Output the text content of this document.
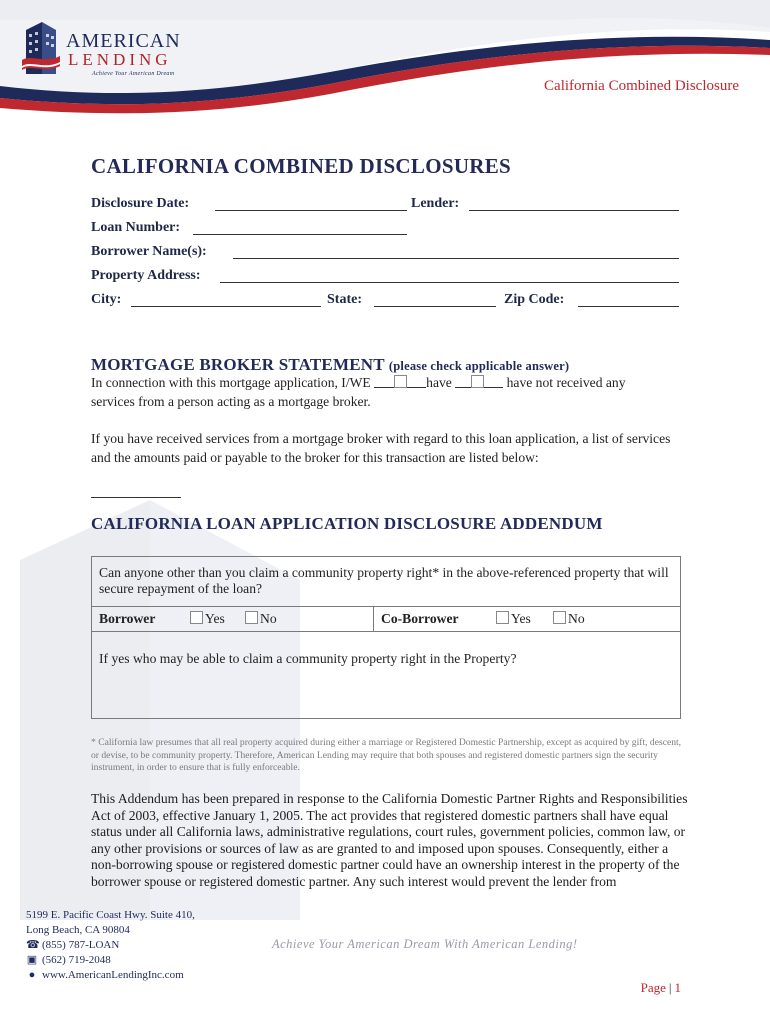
AMERICAN
LENDING
Achieve Your American Dream
California Combined Disclosure
CALIFORNIA COMBINED DISCLOSURES
Disclosure Date:	Lender:
Loan Number:
Borrower Name(s):
Property Address:
City:	State:	Zip Code:
MORTGAGE BROKER STATEMENT (please check applicable answer)
In connection with this mortgage application, I/WE	have	have not received any
services from a person acting as a mortgage broker.
If you have received services from a mortgage broker with regard to this loan application, a list of services and the amounts paid or payable to the broker for this transaction are listed below:
CALIFORNIA LOAN APPLICATION DISCLOSURE ADDENDUM
Can anyone other than you claim a community property right* in the above-referenced property that will secure repayment of the loan?
Borrower	Yes	No	Co-Borrower	Yes	No
If yes who may be able to claim a community property right in the Property?
* California law presumes that all real property acquired during either a marriage or Registered Domestic Partnership, except as acquired by gift, descent, or devise, to be community property. Therefore, American Lending may require that both spouses and registered domestic partners sign the security instrument, in order to ensure that is fully enforceable.
This Addendum has been prepared in response to the California Domestic Partner Rights and Responsibilities Act of 2003, effective January 1, 2005. The act provides that registered domestic partners shall have equal status under all California laws, administrative regulations, court rules, government policies, common law, or any other provisions or sources of law as are granted to and imposed upon spouses. Consequently, either a non-borrowing spouse or registered domestic partner could have an ownership interest in the property of the borrower spouse or registered domestic partner. Any such interest would prevent the lender from
5199 E. Pacific Coast Hwy. Suite 410,
Long Beach, CA 90804
☎ (855) 787-LOAN
▣ (562) 719-2048
● www.AmericanLendingInc.com
Achieve Your American Dream With American Lending!
Page | 1
